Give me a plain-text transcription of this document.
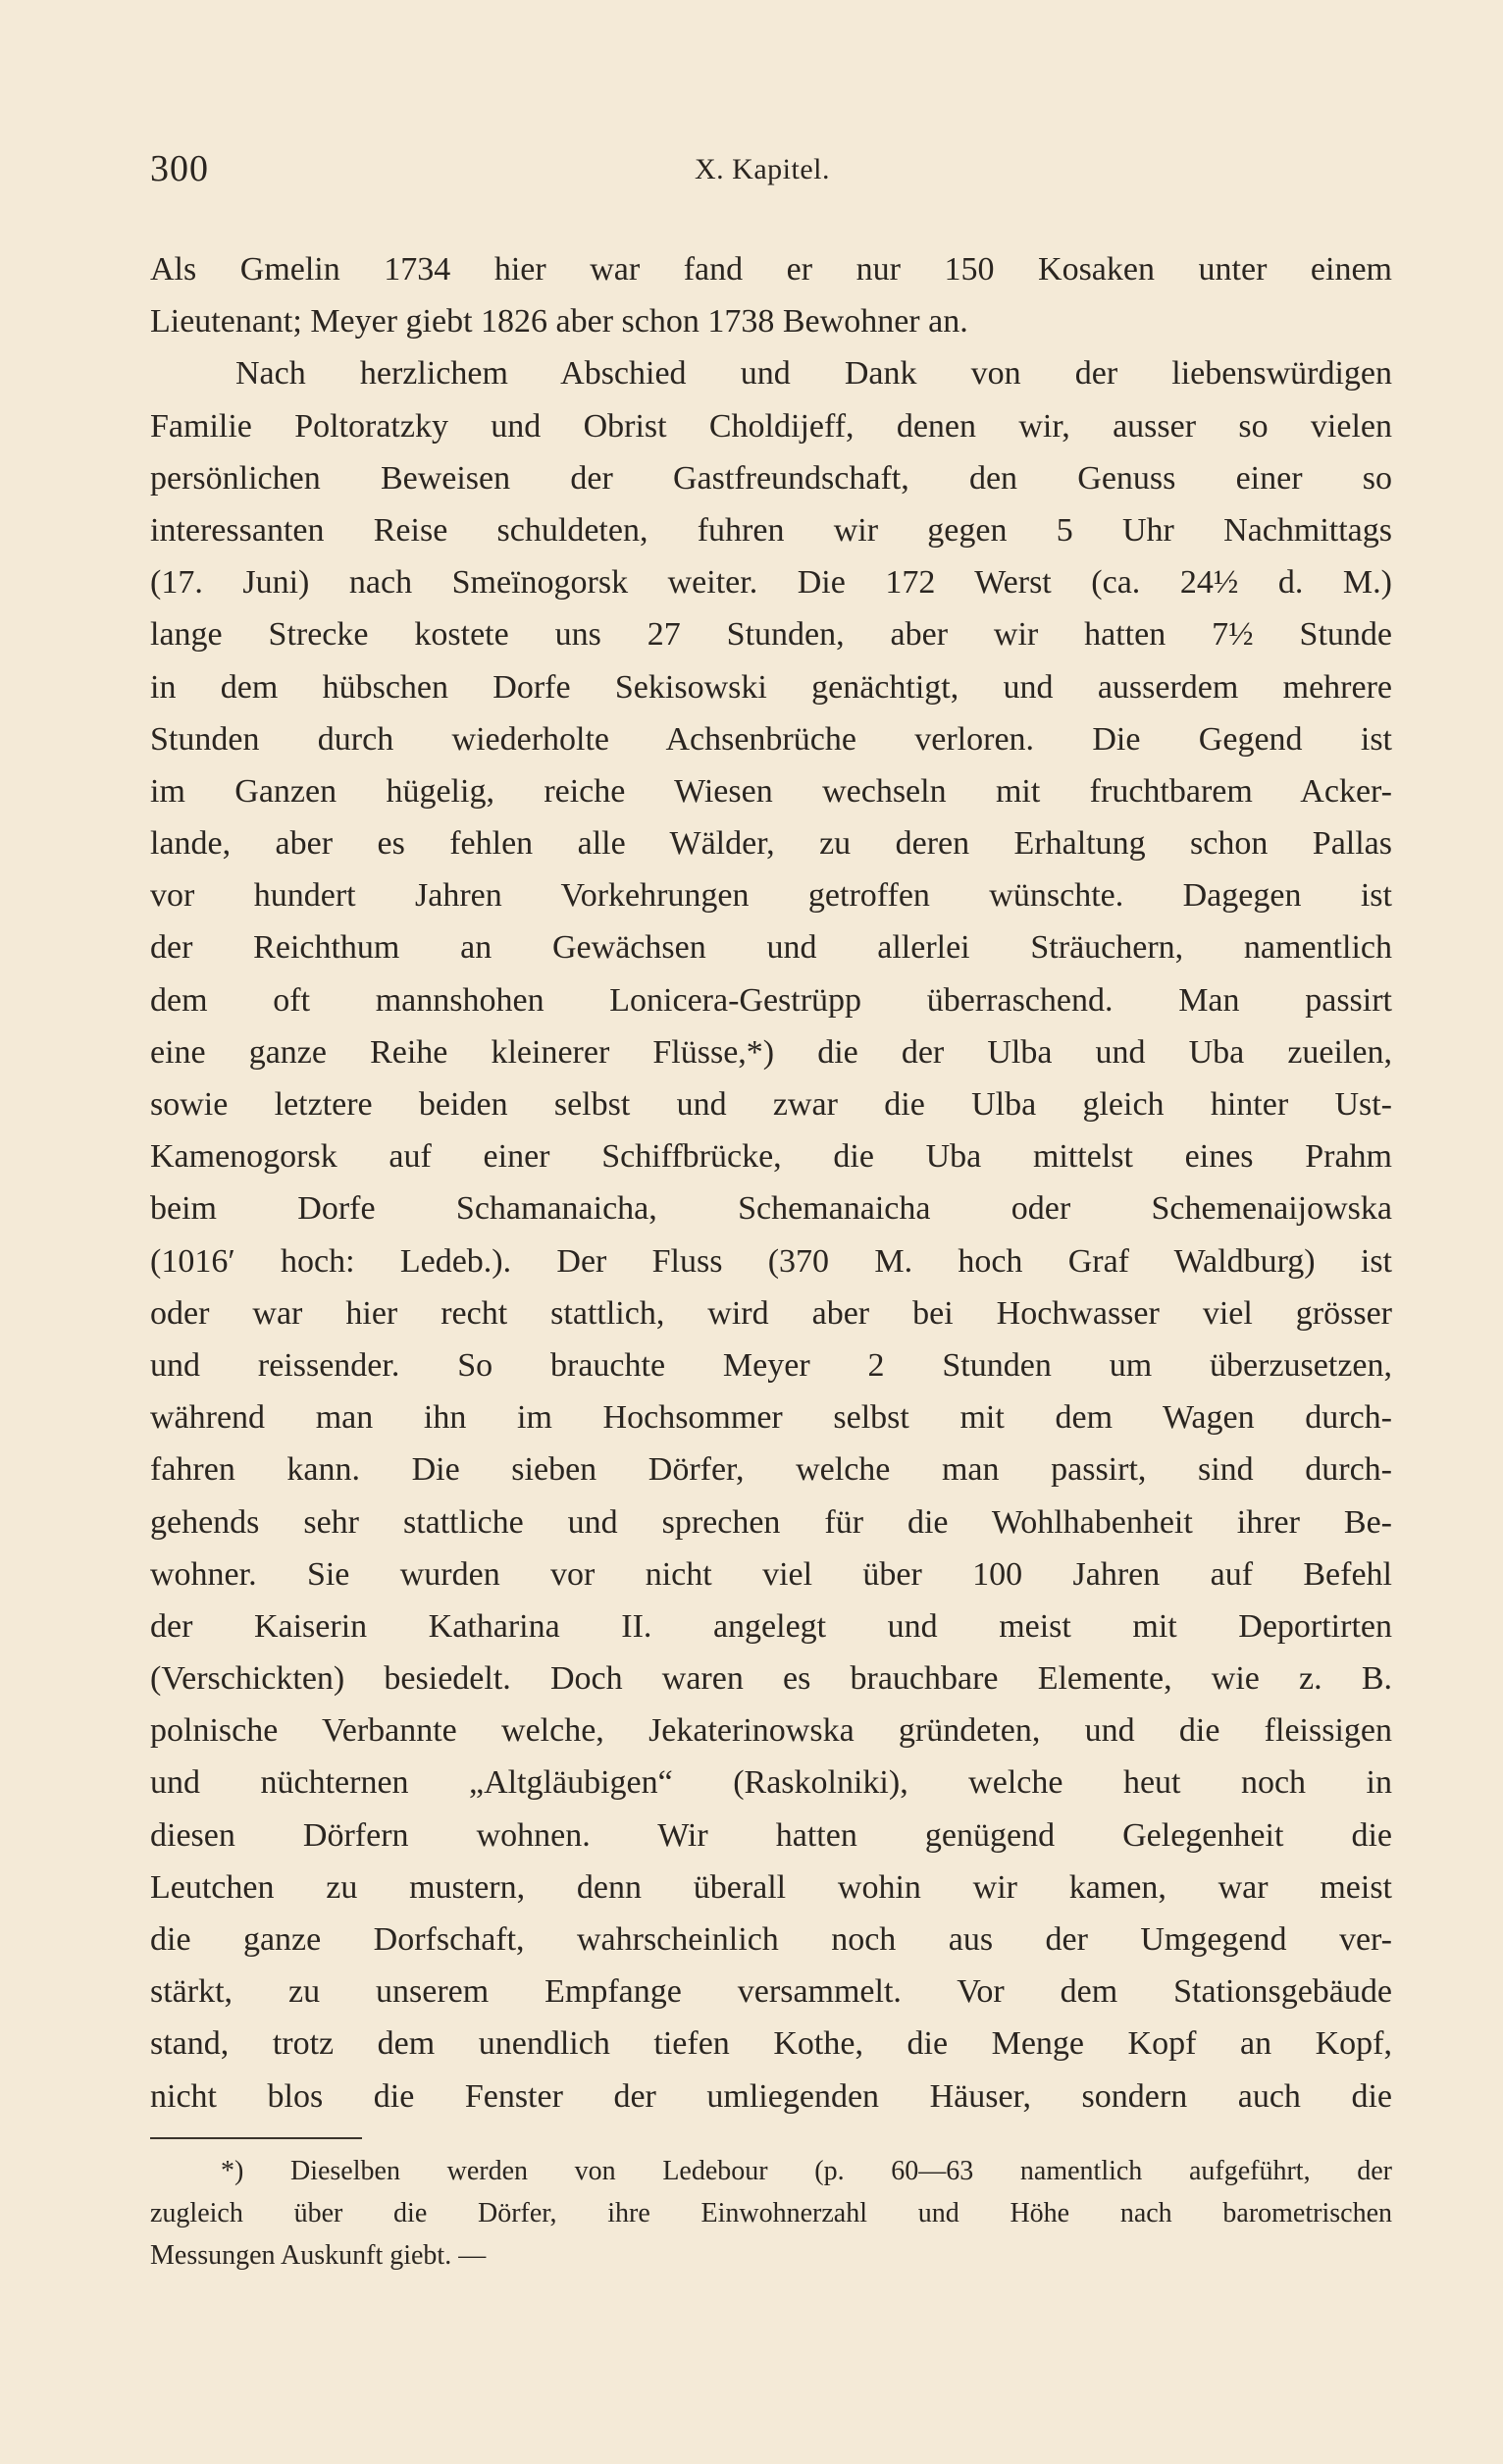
300	X. Kapitel.
Als Gmelin 1734 hier war fand er nur 150 Kosaken unter einem
Lieutenant; Meyer giebt 1826 aber schon 1738 Bewohner an.
Nach herzlichem Abschied und Dank von der liebenswürdigen
Familie Poltoratzky und Obrist Choldijeff, denen wir, ausser so vielen
persönlichen Beweisen der Gastfreundschaft, den Genuss einer so
interessanten Reise schuldeten, fuhren wir gegen 5 Uhr Nachmittags
(17. Juni) nach Smeïnogorsk weiter. Die 172 Werst (ca. 24½ d. M.)
lange Strecke kostete uns 27 Stunden, aber wir hatten 7½ Stunde
in dem hübschen Dorfe Sekisowski genächtigt, und ausserdem mehrere
Stunden durch wiederholte Achsenbrüche verloren. Die Gegend ist
im Ganzen hügelig, reiche Wiesen wechseln mit fruchtbarem Acker-
lande, aber es fehlen alle Wälder, zu deren Erhaltung schon Pallas
vor hundert Jahren Vorkehrungen getroffen wünschte. Dagegen ist
der Reichthum an Gewächsen und allerlei Sträuchern, namentlich
dem oft mannshohen Lonicera-Gestrüpp überraschend. Man passirt
eine ganze Reihe kleinerer Flüsse,*) die der Ulba und Uba zueilen,
sowie letztere beiden selbst und zwar die Ulba gleich hinter Ust-
Kamenogorsk auf einer Schiffbrücke, die Uba mittelst eines Prahm
beim Dorfe Schamanaicha, Schemanaicha oder Schemenaijowska
(1016′ hoch: Ledeb.). Der Fluss (370 M. hoch Graf Waldburg) ist
oder war hier recht stattlich, wird aber bei Hochwasser viel grösser
und reissender. So brauchte Meyer 2 Stunden um überzusetzen,
während man ihn im Hochsommer selbst mit dem Wagen durch-
fahren kann. Die sieben Dörfer, welche man passirt, sind durch-
gehends sehr stattliche und sprechen für die Wohlhabenheit ihrer Be-
wohner. Sie wurden vor nicht viel über 100 Jahren auf Befehl
der Kaiserin Katharina II. angelegt und meist mit Deportirten
(Verschickten) besiedelt. Doch waren es brauchbare Elemente, wie z. B.
polnische Verbannte welche, Jekaterinowska gründeten, und die fleissigen
und nüchternen „Altgläubigen“ (Raskolniki), welche heut noch in
diesen Dörfern wohnen. Wir hatten genügend Gelegenheit die
Leutchen zu mustern, denn überall wohin wir kamen, war meist
die ganze Dorfschaft, wahrscheinlich noch aus der Umgegend ver-
stärkt, zu unserem Empfange versammelt. Vor dem Stationsgebäude
stand, trotz dem unendlich tiefen Kothe, die Menge Kopf an Kopf,
nicht blos die Fenster der umliegenden Häuser, sondern auch die
*) Dieselben werden von Ledebour (p. 60—63 namentlich aufgeführt, der
zugleich über die Dörfer, ihre Einwohnerzahl und Höhe nach barometrischen
Messungen Auskunft giebt. —
